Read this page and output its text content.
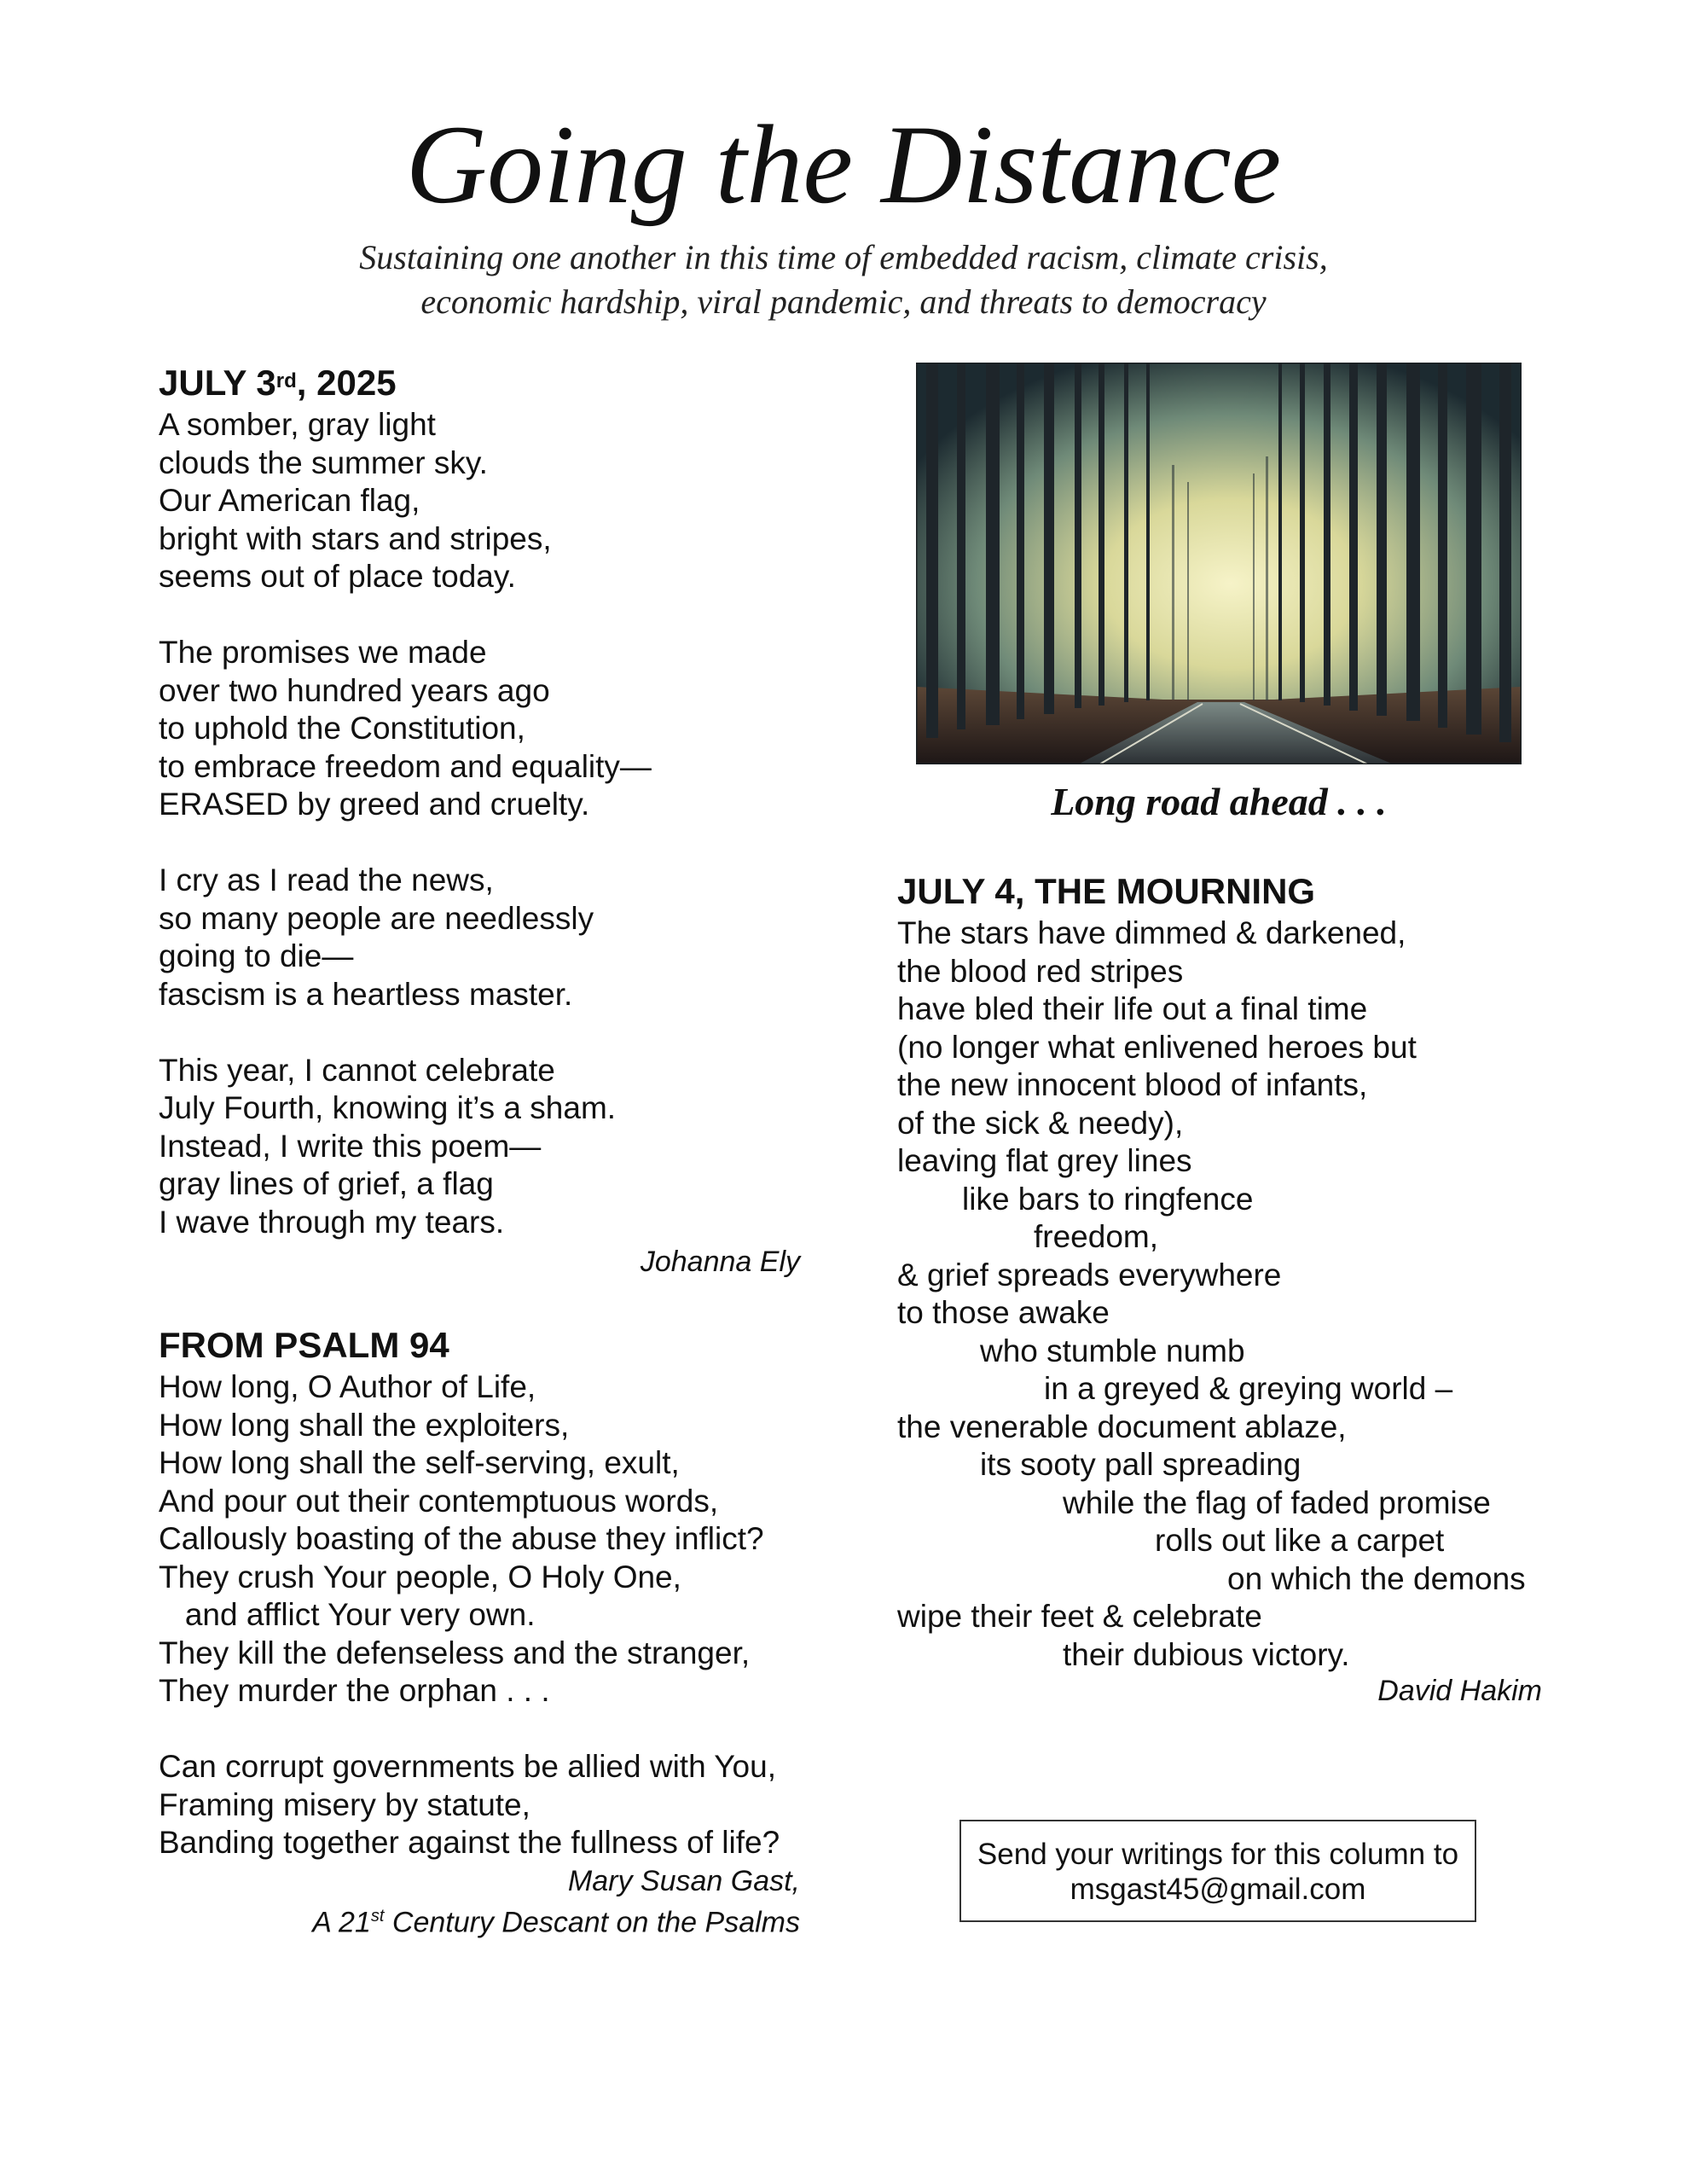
Going the Distance
Sustaining one another in this time of embedded racism, climate crisis,
economic hardship, viral pandemic, and threats to democracy
JULY 3rd, 2025
A somber, gray light
clouds the summer sky.
Our American flag,
bright with stars and stripes,
seems out of place today.
The promises we made
over two hundred years ago
to uphold the Constitution,
to embrace freedom and equality—
ERASED by greed and cruelty.
I cry as I read the news,
so many people are needlessly
going to die—
fascism is a heartless master.
This year, I cannot celebrate
July Fourth, knowing it’s a sham.
Instead, I write this poem—
gray lines of grief, a flag
I wave through my tears.
Johanna Ely
FROM PSALM 94
How long, O Author of Life,
How long shall the exploiters,
How long shall the self-serving, exult,
And pour out their contemptuous words,
Callously boasting of the abuse they inflict?
They crush Your people, O Holy One,
and afflict Your very own.
They kill the defenseless and the stranger,
They murder the orphan . . .
Can corrupt governments be allied with You,
Framing misery by statute,
Banding together against the fullness of life?
Mary Susan Gast,
A 21st Century Descant on the Psalms
Long road ahead . . .
JULY 4, THE MOURNING
The stars have dimmed & darkened,
the blood red stripes
have bled their life out a final time
(no longer what enlivened heroes but
the new innocent blood of infants,
of the sick & needy),
leaving flat grey lines
like bars to ringfence
freedom,
& grief spreads everywhere
to those awake
who stumble numb
in a greyed & greying world –
the venerable document ablaze,
its sooty pall spreading
while the flag of faded promise
rolls out like a carpet
on which the demons
wipe their feet & celebrate
their dubious victory.
David Hakim
Send your writings for this column to
msgast45@gmail.com
